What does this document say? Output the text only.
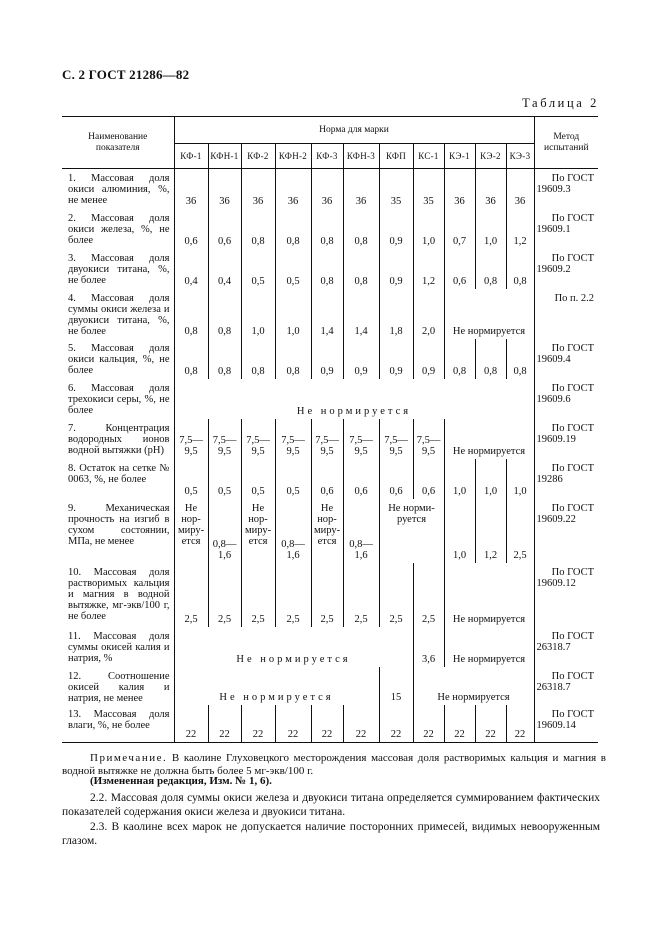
С. 2 ГОСТ 21286—82
Таблица 2
Наименование показателя	Норма для марки											Метод испытаний
	КФ-1	КФН-1	КФ-2	КФН-2	КФ-3	КФН-3	КФП	КС-1	КЭ-1	КЭ-2	КЭ-3	
1. Массовая доля окиси алюминия, %, не менее	36	36	36	36	36	36	35	35	36	36	36	По ГОСТ
19609.3

2. Массовая доля окиси железа, %, не более	0,6	0,6	0,8	0,8	0,8	0,8	0,9	1,0	0,7	1,0	1,2	По ГОСТ
19609.1

3. Массовая доля двуокиси титана, %, не более	0,4	0,4	0,5	0,5	0,8	0,8	0,9	1,2	0,6	0,8	0,8	По ГОСТ
19609.2

4. Массовая доля суммы окиси железа и двуокиси титана, %, не более	0,8	0,8	1,0	1,0	1,4	1,4	1,8	2,0	Не нормируется			По п. 2.2

5. Массовая доля окиси кальция, %, не более	0,8	0,8	0,8	0,8	0,9	0,9	0,9	0,9	0,8	0,8	0,8	По ГОСТ
19609.4

6. Массовая доля трехокиси серы, %, не более	Не нормируется											По ГОСТ
19609.6

7. Концентрация водородных ионов водной вытяжки (рН)	7,5—
9,5	7,5—
9,5	7,5—
9,5	7,5—
9,5	7,5—
9,5	7,5—
9,5	7,5—
9,5	7,5—
9,5	Не нормируется			По ГОСТ
19609.19

8. Остаток на сетке № 0063, %, не более	0,5	0,5	0,5	0,5	0,6	0,6	0,6	0,6	1,0	1,0	1,0	По ГОСТ
19286

9. Механическая прочность на изгиб в сухом состоянии, МПа, не менее	Не
нор-
миру-
ется	0,8—
1,6	Не
нор-
миру-
ется	0,8—
1,6	Не
нор-
миру-
ется	0,8—
1,6	Не норми-
руется		1,0	1,2	2,5	По ГОСТ
19609.22

10. Массовая доля растворимых кальция и магния в водной вытяжке, мг-экв/100 г, не более	2,5	2,5	2,5	2,5	2,5	2,5	2,5	2,5	Не нормируется			По ГОСТ
19609.12

11. Массовая доля суммы окисей калия и натрия, %	Не нормируется							3,6	Не нормируется			По ГОСТ
26318.7

12. Соотношение окисей калия и натрия, не менее	Не нормируется						15	Не нормируется				По ГОСТ
26318.7

13. Массовая доля влаги, %, не более	22	22	22	22	22	22	22	22	22	22	22	По ГОСТ
19609.14
Примечание. В каолине Глуховецкого месторождения массовая доля растворимых кальция и магния в водной вытяжке не должна быть более 5 мг-экв/100 г.
(Измененная редакция, Изм. № 1, 6).
2.2. Массовая доля суммы окиси железа и двуокиси титана определяется суммированием фактических показателей содержания окиси железа и двуокиси титана.
2.3. В каолине всех марок не допускается наличие посторонних примесей, видимых невооруженным глазом.
